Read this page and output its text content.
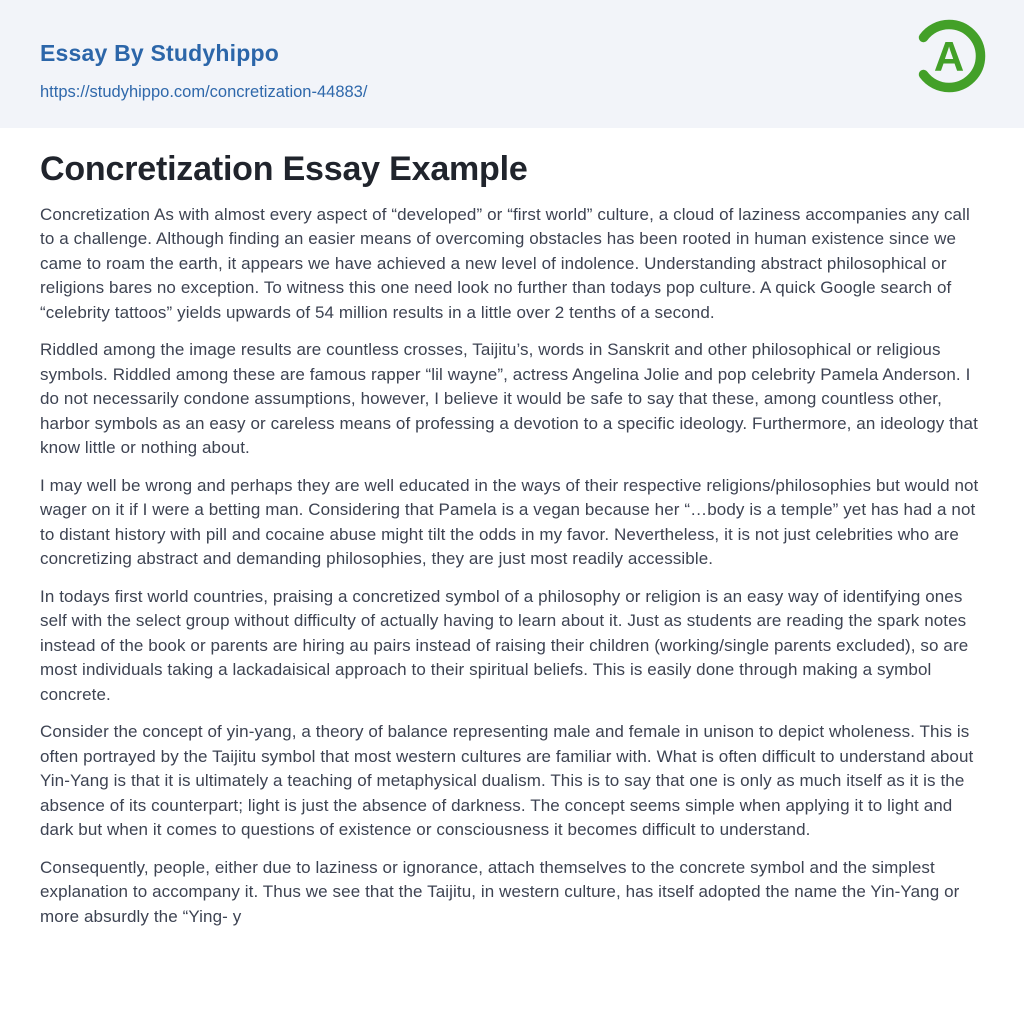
Essay By Studyhippo
https://studyhippo.com/concretization-44883/
A
Concretization Essay Example

Concretization As with almost every aspect of “developed” or “first world” culture, a cloud of laziness accompanies any call to a challenge. Although finding an easier means of overcoming obstacles has been rooted in human existence since we came to roam the earth, it appears we have achieved a new level of indolence. Understanding abstract philosophical or religions bares no exception. To witness this one need look no further than todays pop culture. A quick Google search of “celebrity tattoos” yields upwards of 54 million results in a little over 2 tenths of a second.

Riddled among the image results are countless crosses, Taijitu’s, words in Sanskrit and other philosophical or religious symbols. Riddled among these are famous rapper “lil wayne”, actress Angelina Jolie and pop celebrity Pamela Anderson. I do not necessarily condone assumptions, however, I believe it would be safe to say that these, among countless other, harbor symbols as an easy or careless means of professing a devotion to a specific ideology. Furthermore, an ideology that know little or nothing about.

I may well be wrong and perhaps they are well educated in the ways of their respective religions/philosophies but would not wager on it if I were a betting man. Considering that Pamela is a vegan because her “…body is a temple” yet has had a not to distant history with pill and cocaine abuse might tilt the odds in my favor. Nevertheless, it is not just celebrities who are concretizing abstract and demanding philosophies, they are just most readily accessible.

In todays first world countries, praising a concretized symbol of a philosophy or religion is an easy way of identifying ones self with the select group without difficulty of actually having to learn about it. Just as students are reading the spark notes instead of the book or parents are hiring au pairs instead of raising their children (working/single parents excluded), so are most individuals taking a lackadaisical approach to their spiritual beliefs. This is easily done through making a symbol concrete.

Consider the concept of yin-yang, a theory of balance representing male and female in unison to depict wholeness. This is often portrayed by the Taijitu symbol that most western cultures are familiar with. What is often difficult to understand about Yin-Yang is that it is ultimately a teaching of metaphysical dualism. This is to say that one is only as much itself as it is the absence of its counterpart; light is just the absence of darkness. The concept seems simple when applying it to light and dark but when it comes to questions of existence or consciousness it becomes difficult to understand.

Consequently, people, either due to laziness or ignorance, attach themselves to the concrete symbol and the simplest explanation to accompany it. Thus we see that the Taijitu, in western culture, has itself adopted the name the Yin-Yang or more absurdly the “Ying- y
